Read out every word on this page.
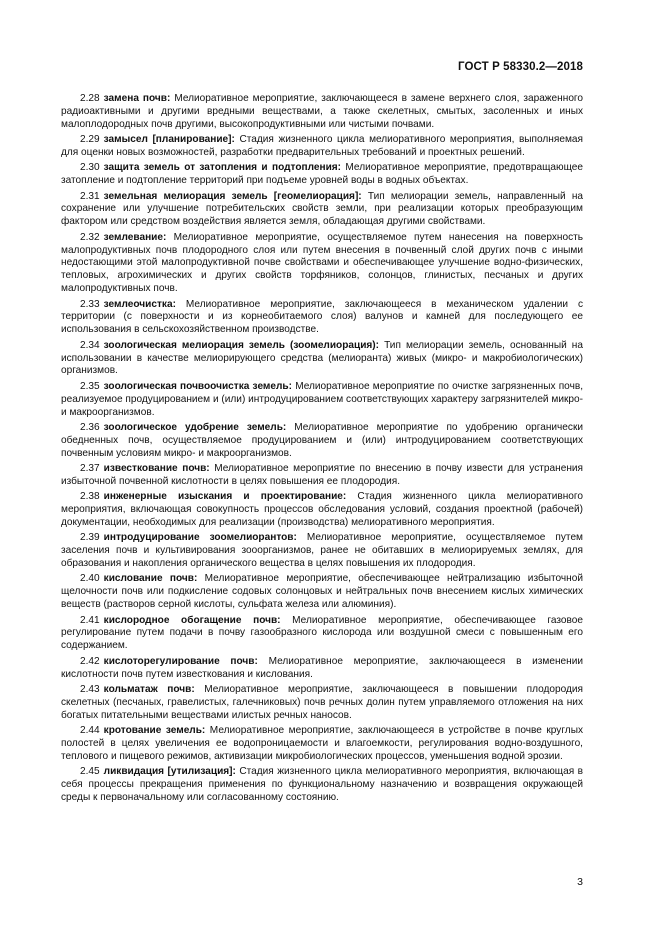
ГОСТ Р 58330.2—2018

2.28 замена почв: Мелиоративное мероприятие, заключающееся в замене верхнего слоя, зараженного радиоактивными и другими вредными веществами, а также скелетных, смытых, засоленных и иных малоплодородных почв другими, высокопродуктивными или чистыми почвами.

2.29 замысел [планирование]: Стадия жизненного цикла мелиоративного мероприятия, выполняемая для оценки новых возможностей, разработки предварительных требований и проектных решений.

2.30 защита земель от затопления и подтопления: Мелиоративное мероприятие, предотвращающее затопление и подтопление территорий при подъеме уровней воды в водных объектах.

2.31 земельная мелиорация земель [геомелиорация]: Тип мелиорации земель, направленный на сохранение или улучшение потребительских свойств земли, при реализации которых преобразующим фактором или средством воздействия является земля, обладающая другими свойствами.

2.32 землевание: Мелиоративное мероприятие, осуществляемое путем нанесения на поверхность малопродуктивных почв плодородного слоя или путем внесения в почвенный слой других почв с иными недостающими этой малопродуктивной почве свойствами и обеспечивающее улучшение водно-физических, тепловых, агрохимических и других свойств торфяников, солонцов, глинистых, песчаных и других малопродуктивных почв.

2.33 землеочистка: Мелиоративное мероприятие, заключающееся в механическом удалении с территории (с поверхности и из корнеобитаемого слоя) валунов и камней для последующего ее использования в сельскохозяйственном производстве.

2.34 зоологическая мелиорация земель (зоомелиорация): Тип мелиорации земель, основанный на использовании в качестве мелиорирующего средства (мелиоранта) живых (микро- и макробиологических) организмов.

2.35 зоологическая почвоочистка земель: Мелиоративное мероприятие по очистке загрязненных почв, реализуемое продуцированием и (или) интродуцированием соответствующих характеру загрязнителей микро- и макроорганизмов.

2.36 зоологическое удобрение земель: Мелиоративное мероприятие по удобрению органически обедненных почв, осуществляемое продуцированием и (или) интродуцированием соответствующих почвенным условиям микро- и макроорганизмов.

2.37 известкование почв: Мелиоративное мероприятие по внесению в почву извести для устранения избыточной почвенной кислотности в целях повышения ее плодородия.

2.38 инженерные изыскания и проектирование: Стадия жизненного цикла мелиоративного мероприятия, включающая совокупность процессов обследования условий, создания проектной (рабочей) документации, необходимых для реализации (производства) мелиоративного мероприятия.

2.39 интродуцирование зоомелиорантов: Мелиоративное мероприятие, осуществляемое путем заселения почв и культивирования зооорганизмов, ранее не обитавших в мелиорируемых землях, для образования и накопления органического вещества в целях повышения их плодородия.

2.40 кислование почв: Мелиоративное мероприятие, обеспечивающее нейтрализацию избыточной щелочности почв или подкисление содовых солонцовых и нейтральных почв внесением кислых химических веществ (растворов серной кислоты, сульфата железа или алюминия).

2.41 кислородное обогащение почв: Мелиоративное мероприятие, обеспечивающее газовое регулирование путем подачи в почву газообразного кислорода или воздушной смеси с повышенным его содержанием.

2.42 кислоторегулирование почв: Мелиоративное мероприятие, заключающееся в изменении кислотности почв путем известкования и кислования.

2.43 кольматаж почв: Мелиоративное мероприятие, заключающееся в повышении плодородия скелетных (песчаных, гравелистых, галечниковых) почв речных долин путем управляемого отложения на них богатых питательными веществами илистых речных наносов.

2.44 кротование земель: Мелиоративное мероприятие, заключающееся в устройстве в почве круглых полостей в целях увеличения ее водопроницаемости и влагоемкости, регулирования водно-воздушного, теплового и пищевого режимов, активизации микробиологических процессов, уменьшения водной эрозии.

2.45 ликвидация [утилизация]: Стадия жизненного цикла мелиоративного мероприятия, включающая в себя процессы прекращения применения по функциональному назначению и возвращения окружающей среды к первоначальному или согласованному состоянию.

3
